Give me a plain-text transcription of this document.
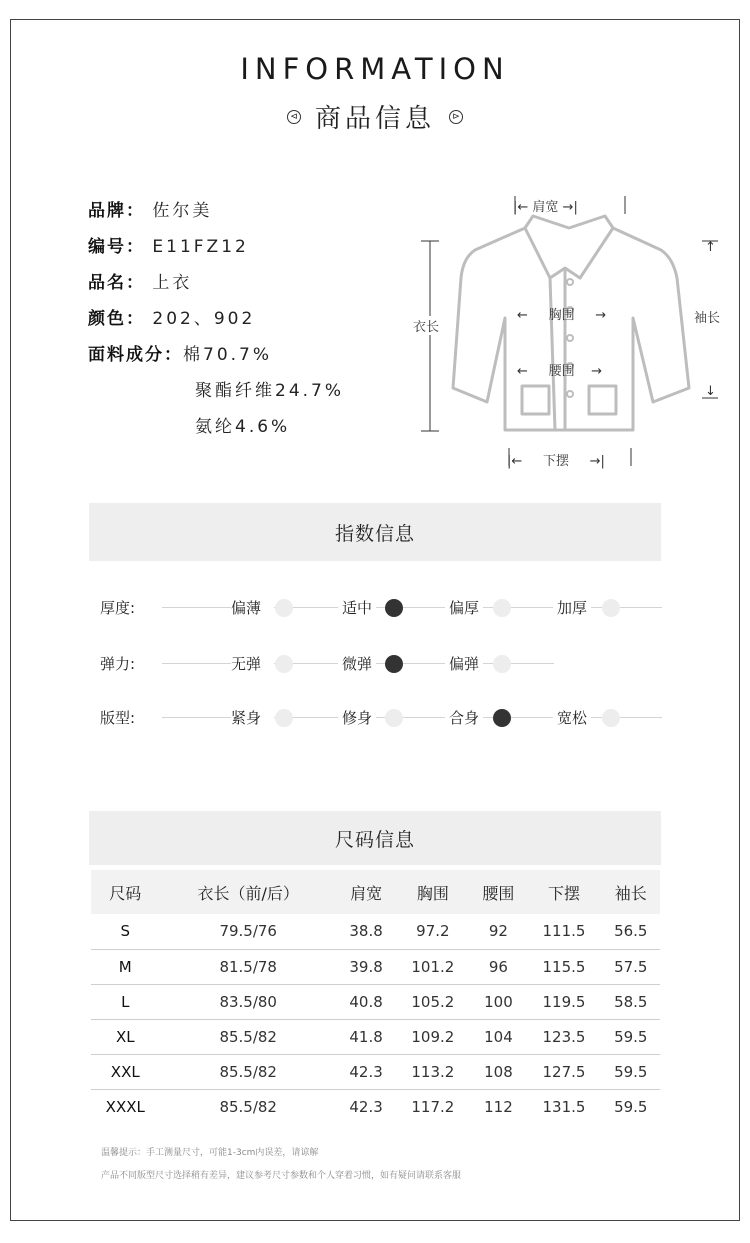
INFORMATION
⊲ 商品信息 ⊳
品牌： 佐尔美
编号： E11FZ12
品名： 上衣
颜色： 202、902
面料成分：棉70.7%
聚酯纤维24.7%
氨纶4.6%
|← 肩宽 →|
衣长
←     胸围     →
←     腰围    →
|←     下摆     →|
↑
袖长
↓
指数信息
厚度:	偏薄	适中	偏厚	加厚
弹力:	无弹	微弹	偏弹
版型:	紧身	修身	合身	宽松
尺码信息
尺码	衣长（前/后）	肩宽	胸围	腰围	下摆	袖长
S	79.5/76	38.8	97.2	92	111.5	56.5
M	81.5/78	39.8	101.2	96	115.5	57.5
L	83.5/80	40.8	105.2	100	119.5	58.5
XL	85.5/82	41.8	109.2	104	123.5	59.5
XXL	85.5/82	42.3	113.2	108	127.5	59.5
XXXL	85.5/82	42.3	117.2	112	131.5	59.5
温馨提示：手工测量尺寸，可能1-3cm内误差，请谅解
产品不同版型尺寸选择稍有差异，建议参考尺寸参数和个人穿着习惯，如有疑问请联系客服
